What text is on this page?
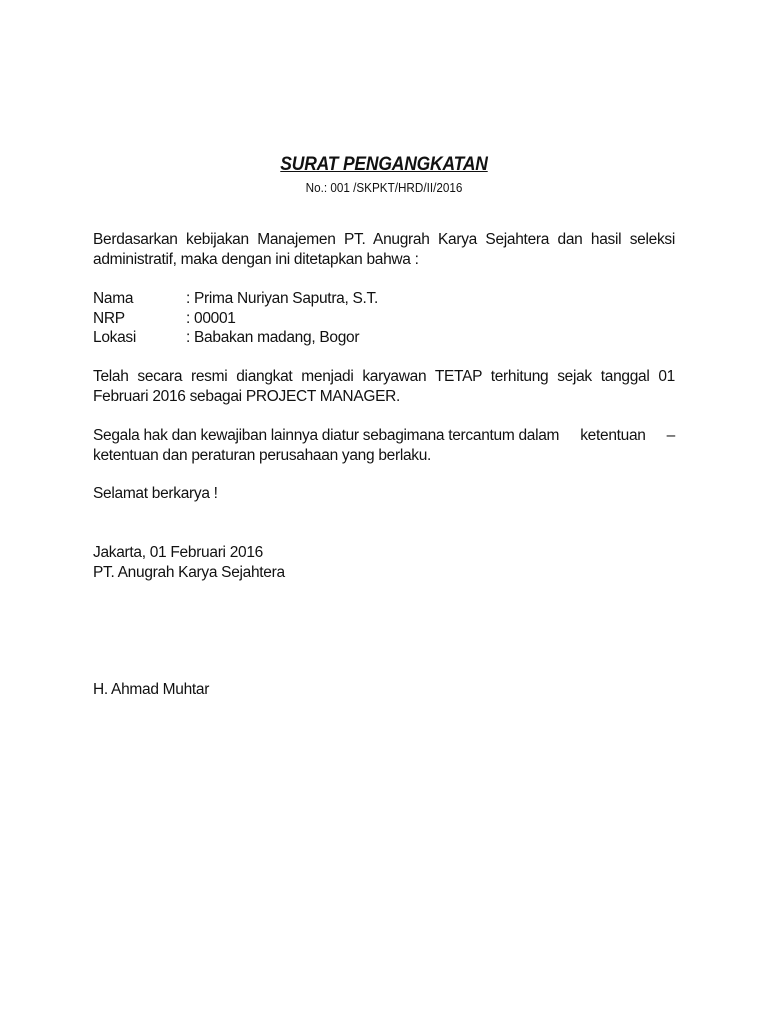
SURAT PENGANGKATAN
No.: 001 /SKPKT/HRD/II/2016
Berdasarkan kebijakan Manajemen PT. Anugrah Karya Sejahtera dan hasil seleksi administratif, maka dengan ini ditetapkan bahwa :
Nama	: Prima Nuriyan Saputra, S.T.
NRP	: 00001
Lokasi	: Babakan madang, Bogor
Telah secara resmi diangkat menjadi karyawan TETAP terhitung sejak tanggal 01 Februari 2016 sebagai PROJECT MANAGER.
Segala hak dan kewajiban lainnya diatur sebagimana tercantum dalam ketentuan –
ketentuan dan peraturan perusahaan yang berlaku.
Selamat berkarya !
Jakarta, 01 Februari 2016
PT. Anugrah Karya Sejahtera
H. Ahmad Muhtar
